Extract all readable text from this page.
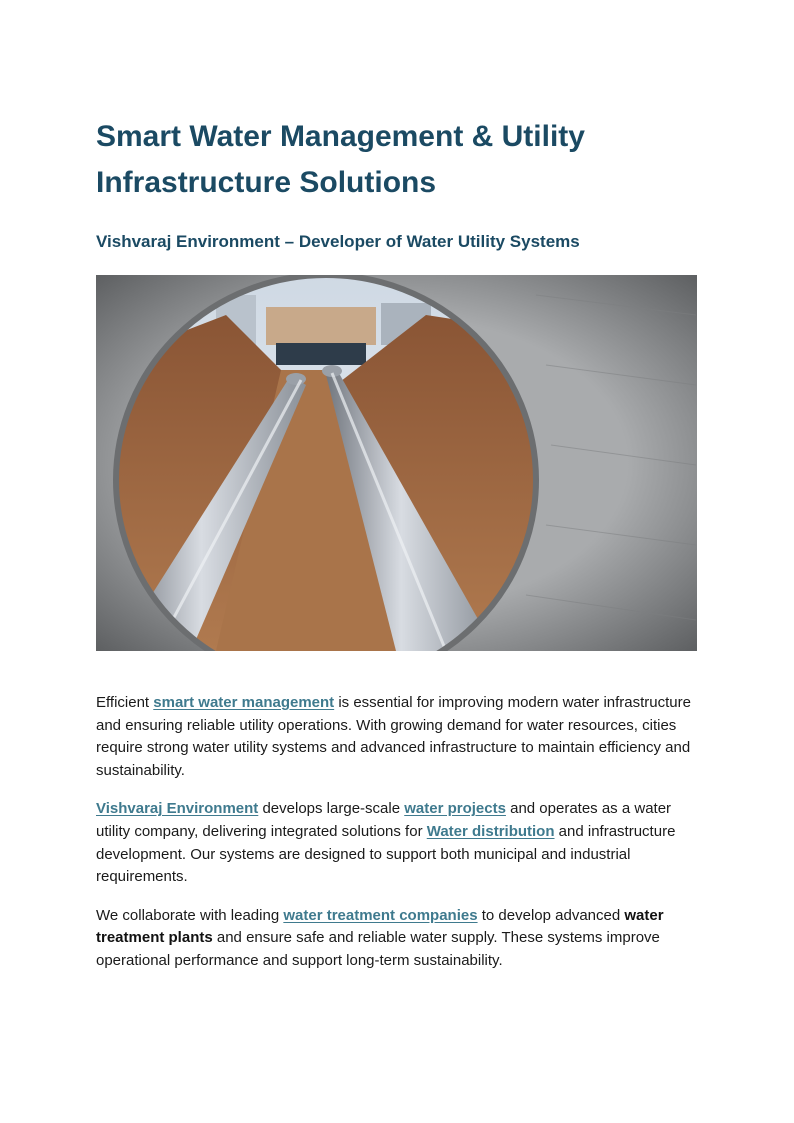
Smart Water Management & Utility Infrastructure Solutions
Vishvaraj Environment – Developer of Water Utility Systems

Efficient smart water management is essential for improving modern water infrastructure and ensuring reliable utility operations. With growing demand for water resources, cities require strong water utility systems and advanced infrastructure to maintain efficiency and sustainability.

Vishvaraj Environment develops large-scale water projects and operates as a water utility company, delivering integrated solutions for Water distribution and infrastructure development. Our systems are designed to support both municipal and industrial requirements.

We collaborate with leading water treatment companies to develop advanced water treatment plants and ensure safe and reliable water supply. These systems improve operational performance and support long-term sustainability.
